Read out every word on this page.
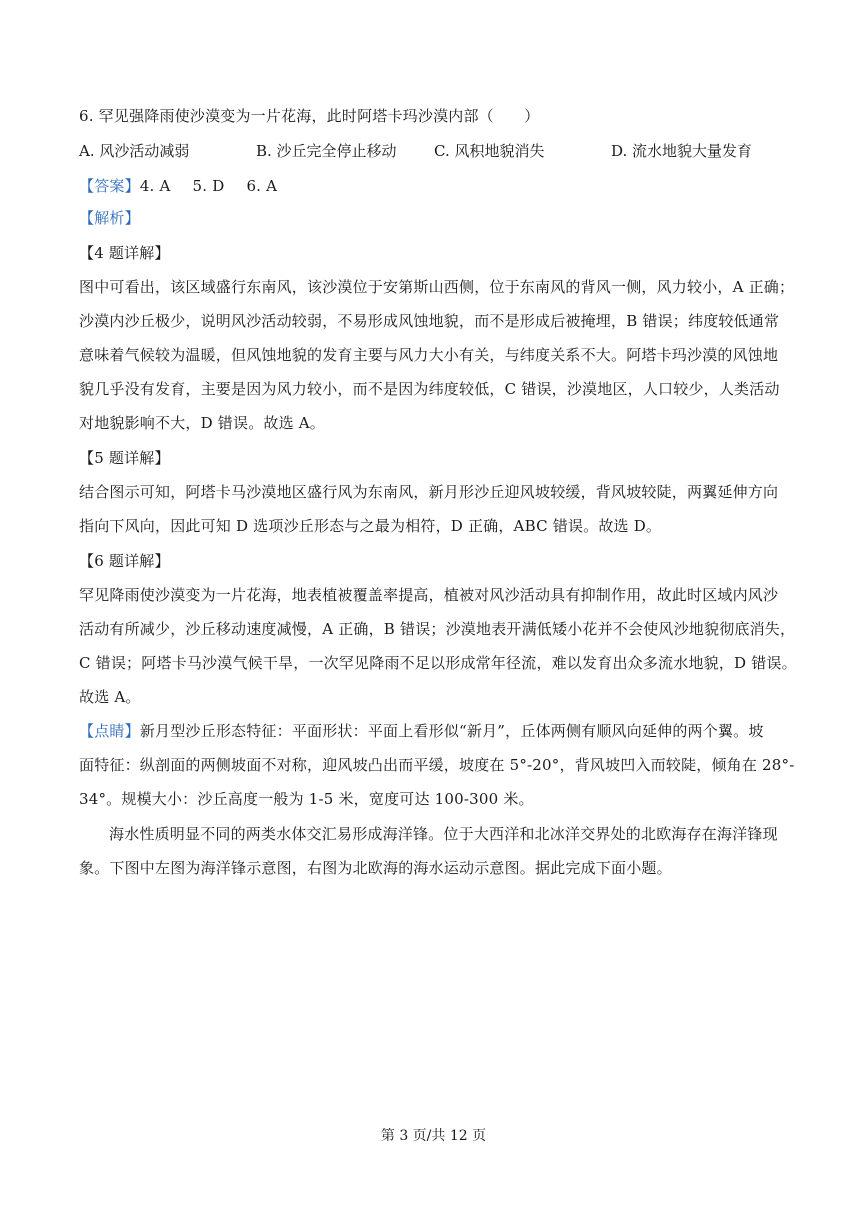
6. 罕见强降雨使沙漠变为一片花海，此时阿塔卡玛沙漠内部（　　）
A. 风沙活动减弱	B. 沙丘完全停止移动 C. 风积地貌消失	D. 流水地貌大量发育
【答案】4. A 5. D 6. A
【解析】
【4 题详解】
图中可看出，该区域盛行东南风，该沙漠位于安第斯山西侧，位于东南风的背风一侧，风力较小，A 正确；
沙漠内沙丘极少，说明风沙活动较弱，不易形成风蚀地貌，而不是形成后被掩埋，B 错误；纬度较低通常
意味着气候较为温暖，但风蚀地貌的发育主要与风力大小有关，与纬度关系不大。阿塔卡玛沙漠的风蚀地
貌几乎没有发育，主要是因为风力较小，而不是因为纬度较低，C 错误，沙漠地区，人口较少，人类活动
对地貌影响不大，D 错误。故选 A。
【5 题详解】
结合图示可知，阿塔卡马沙漠地区盛行风为东南风，新月形沙丘迎风坡较缓，背风坡较陡，两翼延伸方向
指向下风向，因此可知 D 选项沙丘形态与之最为相符，D 正确，ABC 错误。故选 D。
【6 题详解】
罕见降雨使沙漠变为一片花海，地表植被覆盖率提高，植被对风沙活动具有抑制作用，故此时区域内风沙
活动有所减少，沙丘移动速度减慢，A 正确，B 错误；沙漠地表开满低矮小花并不会使风沙地貌彻底消失，
C 错误；阿塔卡马沙漠气候干旱，一次罕见降雨不足以形成常年径流，难以发育出众多流水地貌，D 错误。
故选 A。
【点睛】新月型沙丘形态特征：平面形状：平面上看形似“新月”，丘体两侧有顺风向延伸的两个翼。坡
面特征：纵剖面的两侧坡面不对称，迎风坡凸出而平缓，坡度在 5°-20°，背风坡凹入而较陡，倾角在 28°-
34°。规模大小：沙丘高度一般为 1-5 米，宽度可达 100-300 米。
海水性质明显不同的两类水体交汇易形成海洋锋。位于大西洋和北冰洋交界处的北欧海存在海洋锋现
象。下图中左图为海洋锋示意图，右图为北欧海的海水运动示意图。据此完成下面小题。
第 3 页/共 12 页
